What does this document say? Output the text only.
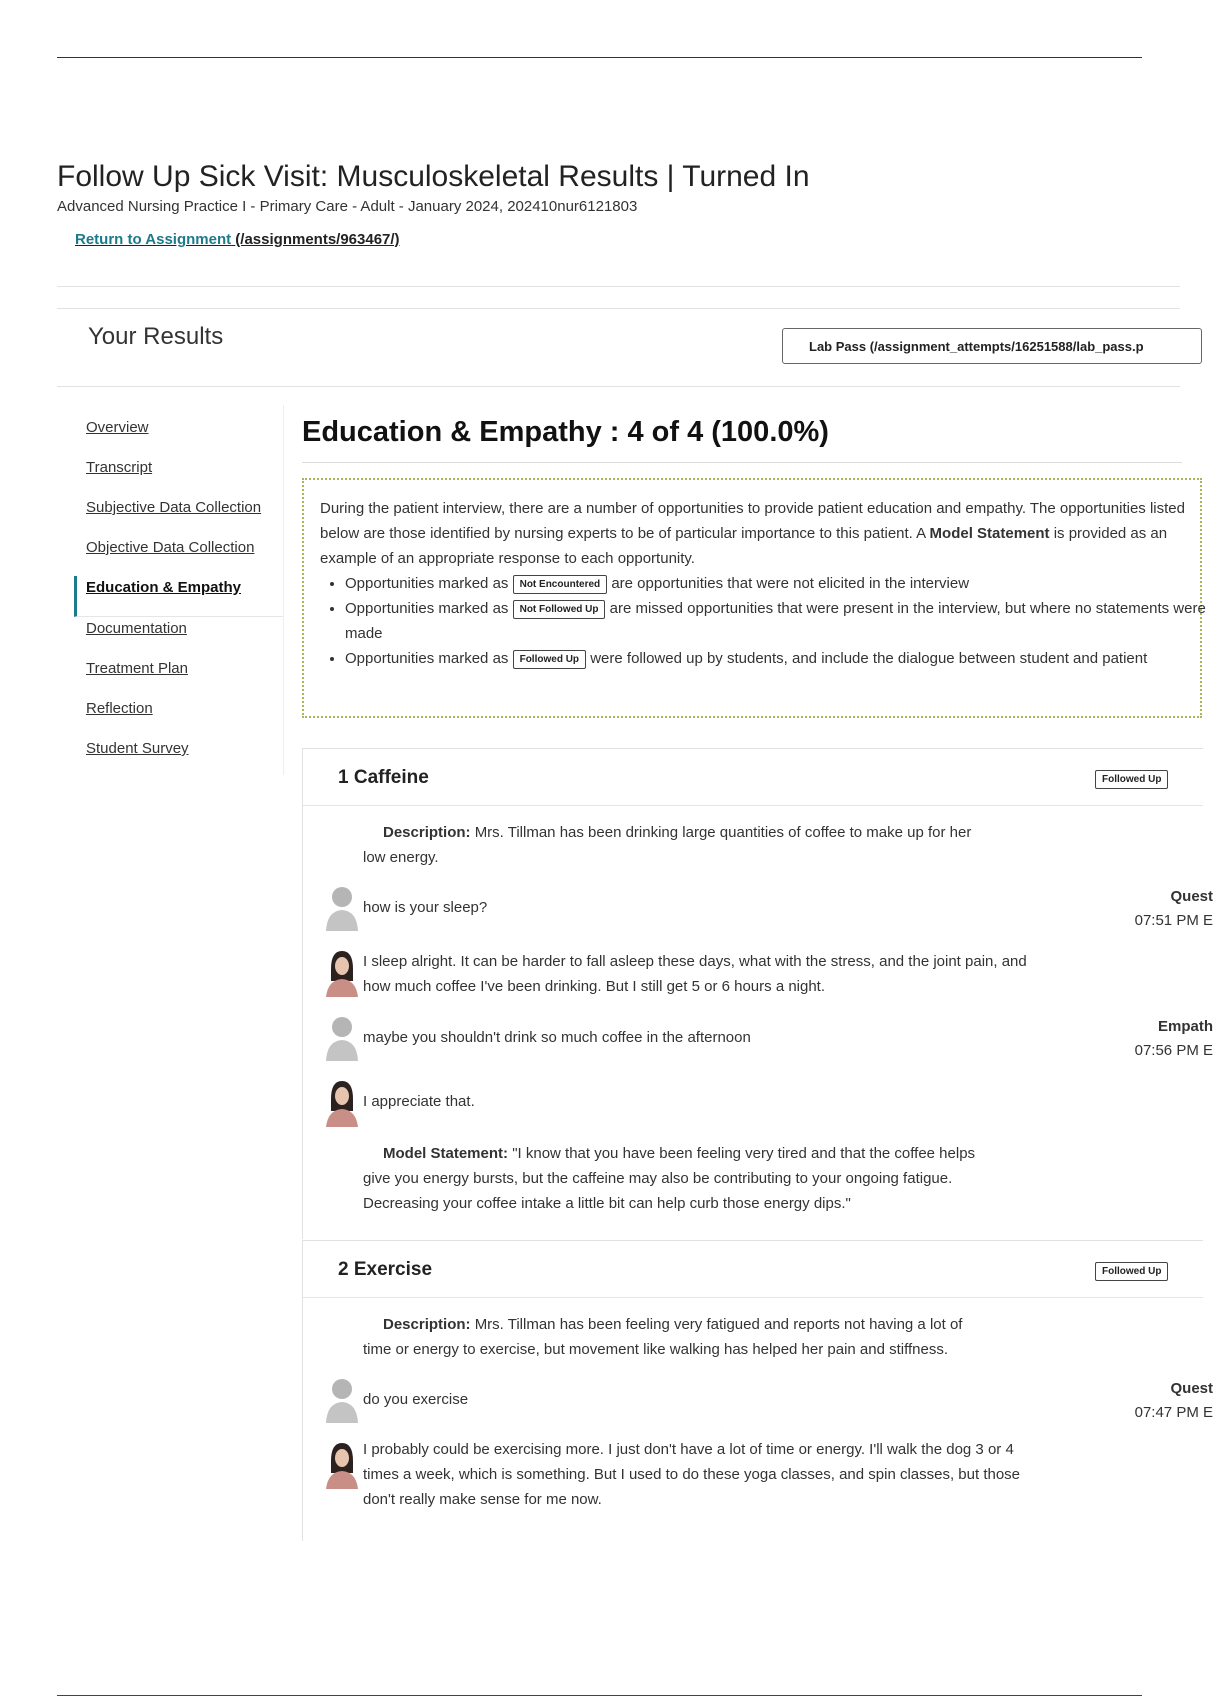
Follow Up Sick Visit: Musculoskeletal Results | Turned In
Advanced Nursing Practice I - Primary Care - Adult - January 2024, 202410nur6121803
Return to Assignment (/assignments/963467/)
Your Results	Lab Pass (/assignment_attempts/16251588/lab_pass.p
Overview
Transcript
Subjective Data Collection
Objective Data Collection
Education & Empathy
Documentation
Treatment Plan
Reflection
Student Survey
Education & Empathy : 4 of 4 (100.0%)

During the patient interview, there are a number of opportunities to provide patient education and empathy. The opportunities listed below are those identified by nursing experts to be of particular importance to this patient. A Model Statement is provided as an example of an appropriate response to each opportunity.

• Opportunities marked as Not Encountered are opportunities that were not elicited in the interview
• Opportunities marked as Not Followed Up are missed opportunities that were present in the interview, but where no statements were made
• Opportunities marked as Followed Up were followed up by students, and include the dialogue between student and patient
1 Caffeine	Followed Up
Description: Mrs. Tillman has been drinking large quantities of coffee to make up for her low energy.
how is your sleep?
Quest
07:51 PM E
I sleep alright. It can be harder to fall asleep these days, what with the stress, and the joint pain, and how much coffee I've been drinking. But I still get 5 or 6 hours a night.
maybe you shouldn't drink so much coffee in the afternoon
Empath
07:56 PM E
I appreciate that.
Model Statement: "I know that you have been feeling very tired and that the coffee helps give you energy bursts, but the caffeine may also be contributing to your ongoing fatigue. Decreasing your coffee intake a little bit can help curb those energy dips."
2 Exercise	Followed Up
Description: Mrs. Tillman has been feeling very fatigued and reports not having a lot of time or energy to exercise, but movement like walking has helped her pain and stiffness.
do you exercise
Quest
07:47 PM E
I probably could be exercising more. I just don't have a lot of time or energy. I'll walk the dog 3 or 4 times a week, which is something. But I used to do these yoga classes, and spin classes, but those don't really make sense for me now.
